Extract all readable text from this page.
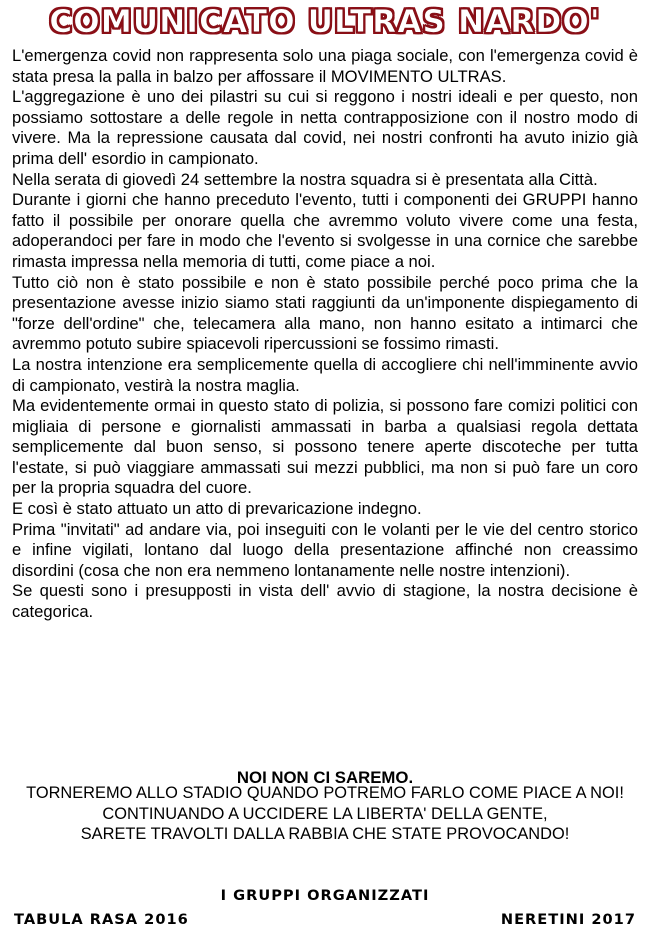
COMUNICATO ULTRAS NARDO'

L'emergenza covid non rappresenta solo una piaga sociale, con l'emergenza covid è stata presa la palla in balzo per affossare il MOVIMENTO ULTRAS.

L'aggregazione è uno dei pilastri su cui si reggono i nostri ideali e per questo, non possiamo sottostare a delle regole in netta contrapposizione con il nostro modo di vivere. Ma la repressione causata dal covid, nei nostri confronti ha avuto inizio già prima dell' esordio in campionato.

Nella serata di giovedì 24 settembre la nostra squadra si è presentata alla Città.

Durante i giorni che hanno preceduto l'evento, tutti i componenti dei GRUPPI hanno fatto il possibile per onorare quella che avremmo voluto vivere come una festa, adoperandoci per fare in modo che l'evento si svolgesse in una cornice che sarebbe rimasta impressa nella memoria di tutti, come piace a noi.

Tutto ciò non è stato possibile e non è stato possibile perché poco prima che la presentazione avesse inizio siamo stati raggiunti da un'imponente dispiegamento di "forze dell'ordine" che, telecamera alla mano, non hanno esitato a intimarci che avremmo potuto subire spiacevoli ripercussioni se fossimo rimasti.

La nostra intenzione era semplicemente quella di accogliere chi nell'imminente avvio di campionato, vestirà la nostra maglia.

Ma evidentemente ormai in questo stato di polizia, si possono fare comizi politici con migliaia di persone e giornalisti ammassati in barba a qualsiasi regola dettata semplicemente dal buon senso, si possono tenere aperte discoteche per tutta l'estate, si può viaggiare ammassati sui mezzi pubblici, ma non si può fare un coro per la propria squadra del cuore.

E così è stato attuato un atto di prevaricazione indegno.

Prima "invitati" ad andare via, poi inseguiti con le volanti per le vie del centro storico e infine vigilati, lontano dal luogo della presentazione affinché non creassimo disordini (cosa che non era nemmeno lontanamente nelle nostre intenzioni).

Se questi sono i presupposti in vista dell' avvio di stagione, la nostra decisione è categorica.

NOI NON CI SAREMO.
TORNEREMO ALLO STADIO QUANDO POTREMO FARLO COME PIACE A NOI!
CONTINUANDO A UCCIDERE LA LIBERTA' DELLA GENTE,
SARETE TRAVOLTI DALLA RABBIA CHE STATE PROVOCANDO!
I GRUPPI ORGANIZZATI
TABULA RASA 2016	NERETINI 2017
